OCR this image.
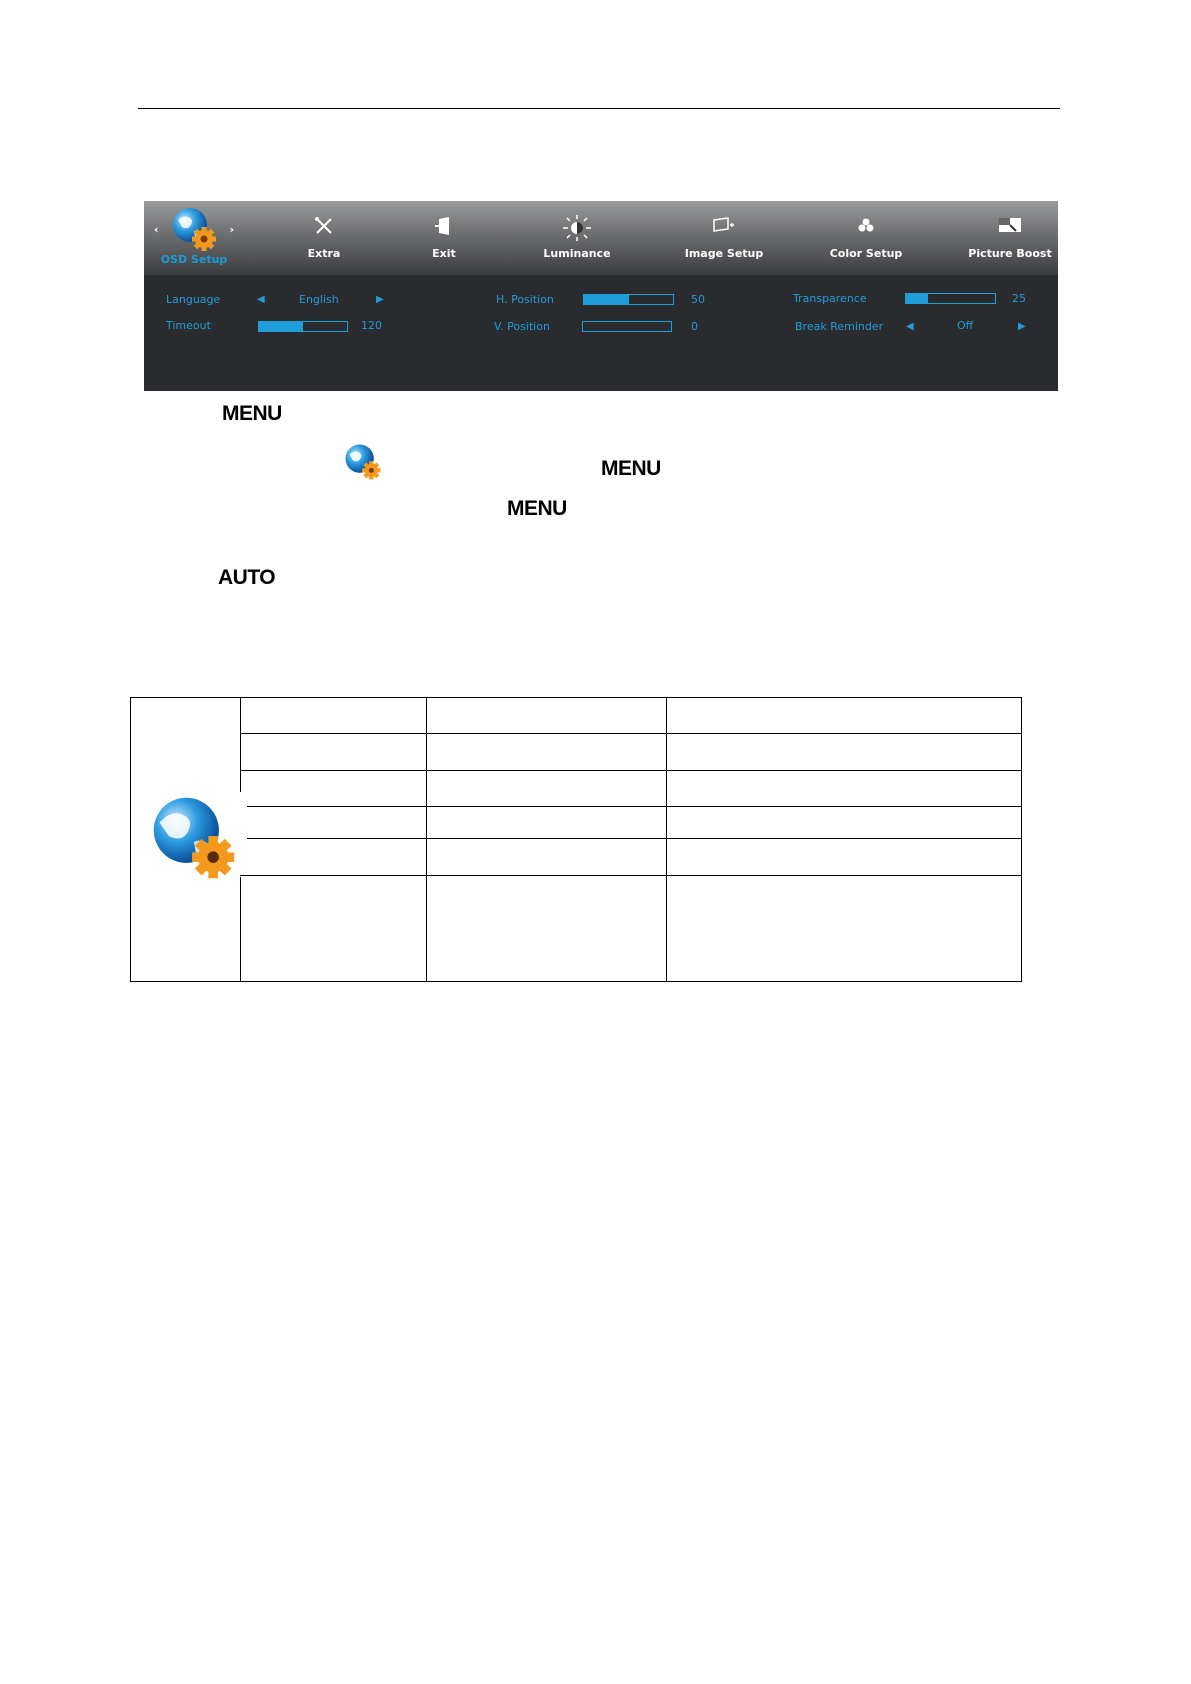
‹	›
OSD Setup	Extra	Exit	Luminance	Image Setup	Color Setup	Picture Boost
Language	◀	English	▶
Timeout	120
H. Position	50
V. Position	0
Transparence	25
Break Reminder ◀	Off	▶
MENU
MENU
MENU
AUTO
